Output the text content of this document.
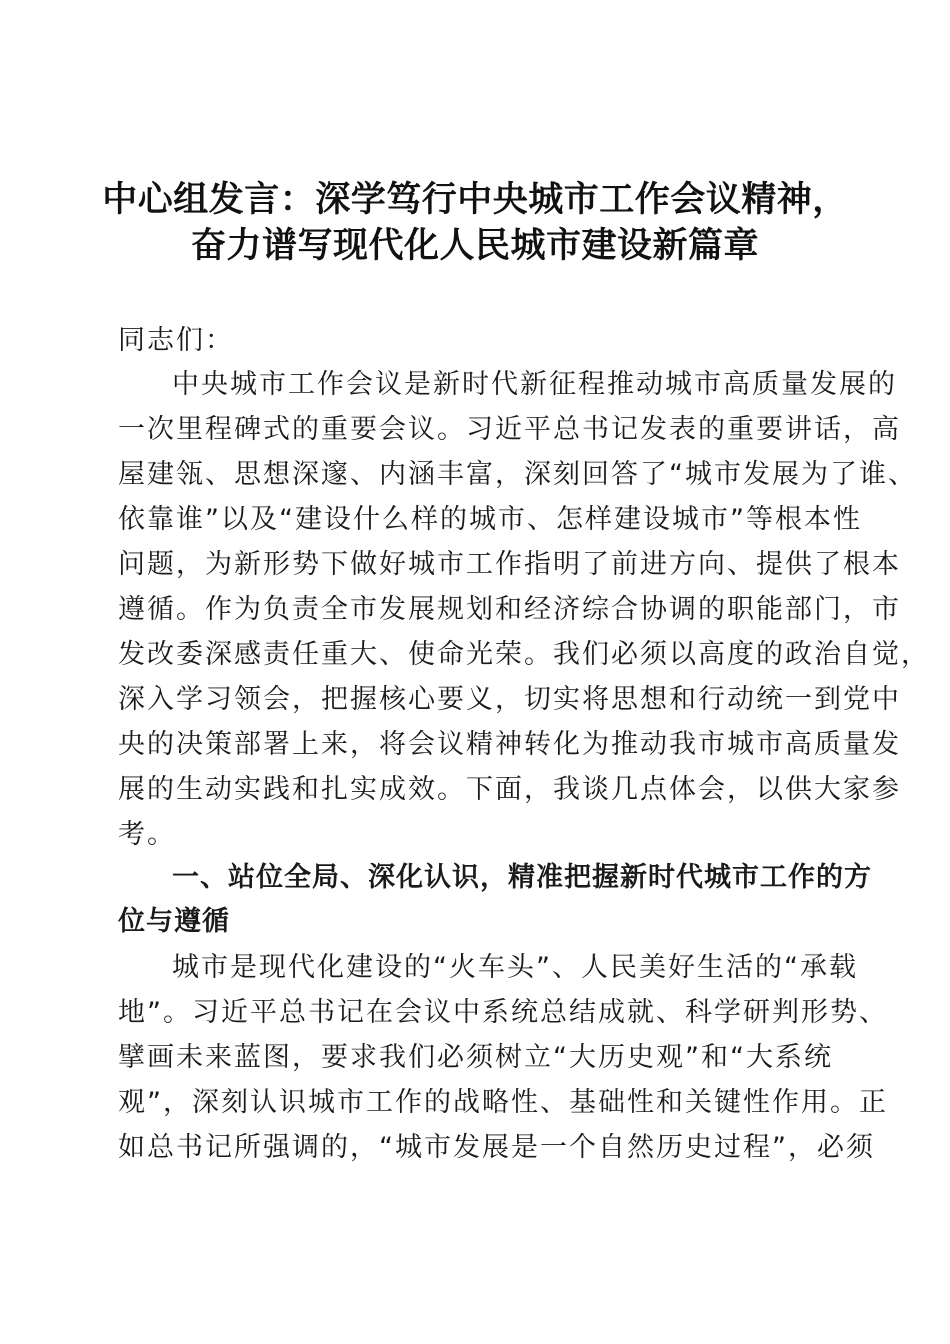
中心组发言：深学笃行中央城市工作会议精神，
奋力谱写现代化人民城市建设新篇章
同志们：
中央城市工作会议是新时代新征程推动城市高质量发展的
一次里程碑式的重要会议。习近平总书记发表的重要讲话，高
屋建瓴、思想深邃、内涵丰富，深刻回答了“城市发展为了谁、
依靠谁”以及“建设什么样的城市、怎样建设城市”等根本性
问题，为新形势下做好城市工作指明了前进方向、提供了根本
遵循。作为负责全市发展规划和经济综合协调的职能部门，市
发改委深感责任重大、使命光荣。我们必须以高度的政治自觉，
深入学习领会，把握核心要义，切实将思想和行动统一到党中
央的决策部署上来，将会议精神转化为推动我市城市高质量发
展的生动实践和扎实成效。下面，我谈几点体会，以供大家参
考。
一、站位全局、深化认识，精准把握新时代城市工作的方
位与遵循
城市是现代化建设的“火车头”、人民美好生活的“承载
地”。习近平总书记在会议中系统总结成就、科学研判形势、
擘画未来蓝图，要求我们必须树立“大历史观”和“大系统
观”，深刻认识城市工作的战略性、基础性和关键性作用。正
如总书记所强调的，“城市发展是一个自然历史过程”，必须
